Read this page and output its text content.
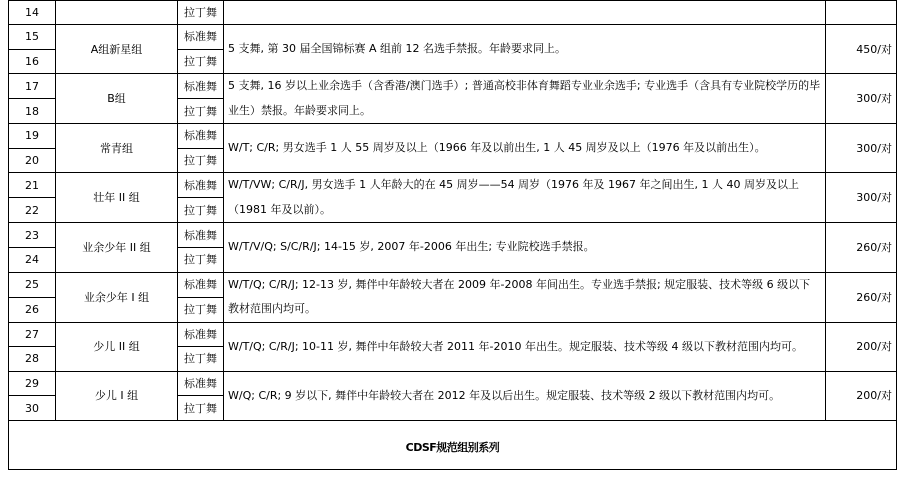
14		拉丁舞		
15	A组新星组	标准舞	5 支舞, 第 30 届全国锦标赛 A 组前 12 名选手禁报。年龄要求同上。	450/对
16		拉丁舞		
17	B组	标准舞	5 支舞, 16 岁以上业余选手（含香港/澳门选手）; 普通高校非体育舞蹈专业业余选手; 专业选手（含具有专业院校学历的毕业生）禁报。年龄要求同上。	300/对
18		拉丁舞		
19	常青组	标准舞	W/T; C/R; 男女选手 1 人 55 周岁及以上（1966 年及以前出生, 1 人 45 周岁及以上（1976 年及以前出生）。	300/对
20		拉丁舞		
21	壮年 II 组	标准舞	W/T/VW; C/R/J, 男女选手 1 人年龄大的在 45 周岁——54 周岁（1976 年及 1967 年之间出生, 1 人 40 周岁及以上（1981 年及以前）。	300/对
22		拉丁舞		
23	业余少年 II 组	标准舞	W/T/V/Q; S/C/R/J; 14-15 岁, 2007 年-2006 年出生; 专业院校选手禁报。	260/对
24		拉丁舞		
25	业余少年 I 组	标准舞	W/T/Q; C/R/J; 12-13 岁, 舞伴中年龄较大者在 2009 年-2008 年间出生。专业选手禁报; 规定服装、技术等级 6 级以下教材范围内均可。	260/对
26		拉丁舞		
27	少儿 II 组	标准舞	W/T/Q; C/R/J; 10-11 岁, 舞伴中年龄较大者 2011 年-2010 年出生。规定服装、技术等级 4 级以下教材范围内均可。	200/对
28		拉丁舞		
29	少儿 I 组	标准舞	W/Q; C/R; 9 岁以下, 舞伴中年龄较大者在 2012 年及以后出生。规定服装、技术等级 2 级以下教材范围内均可。	200/对
30		拉丁舞		
CDSF规范组别系列				
